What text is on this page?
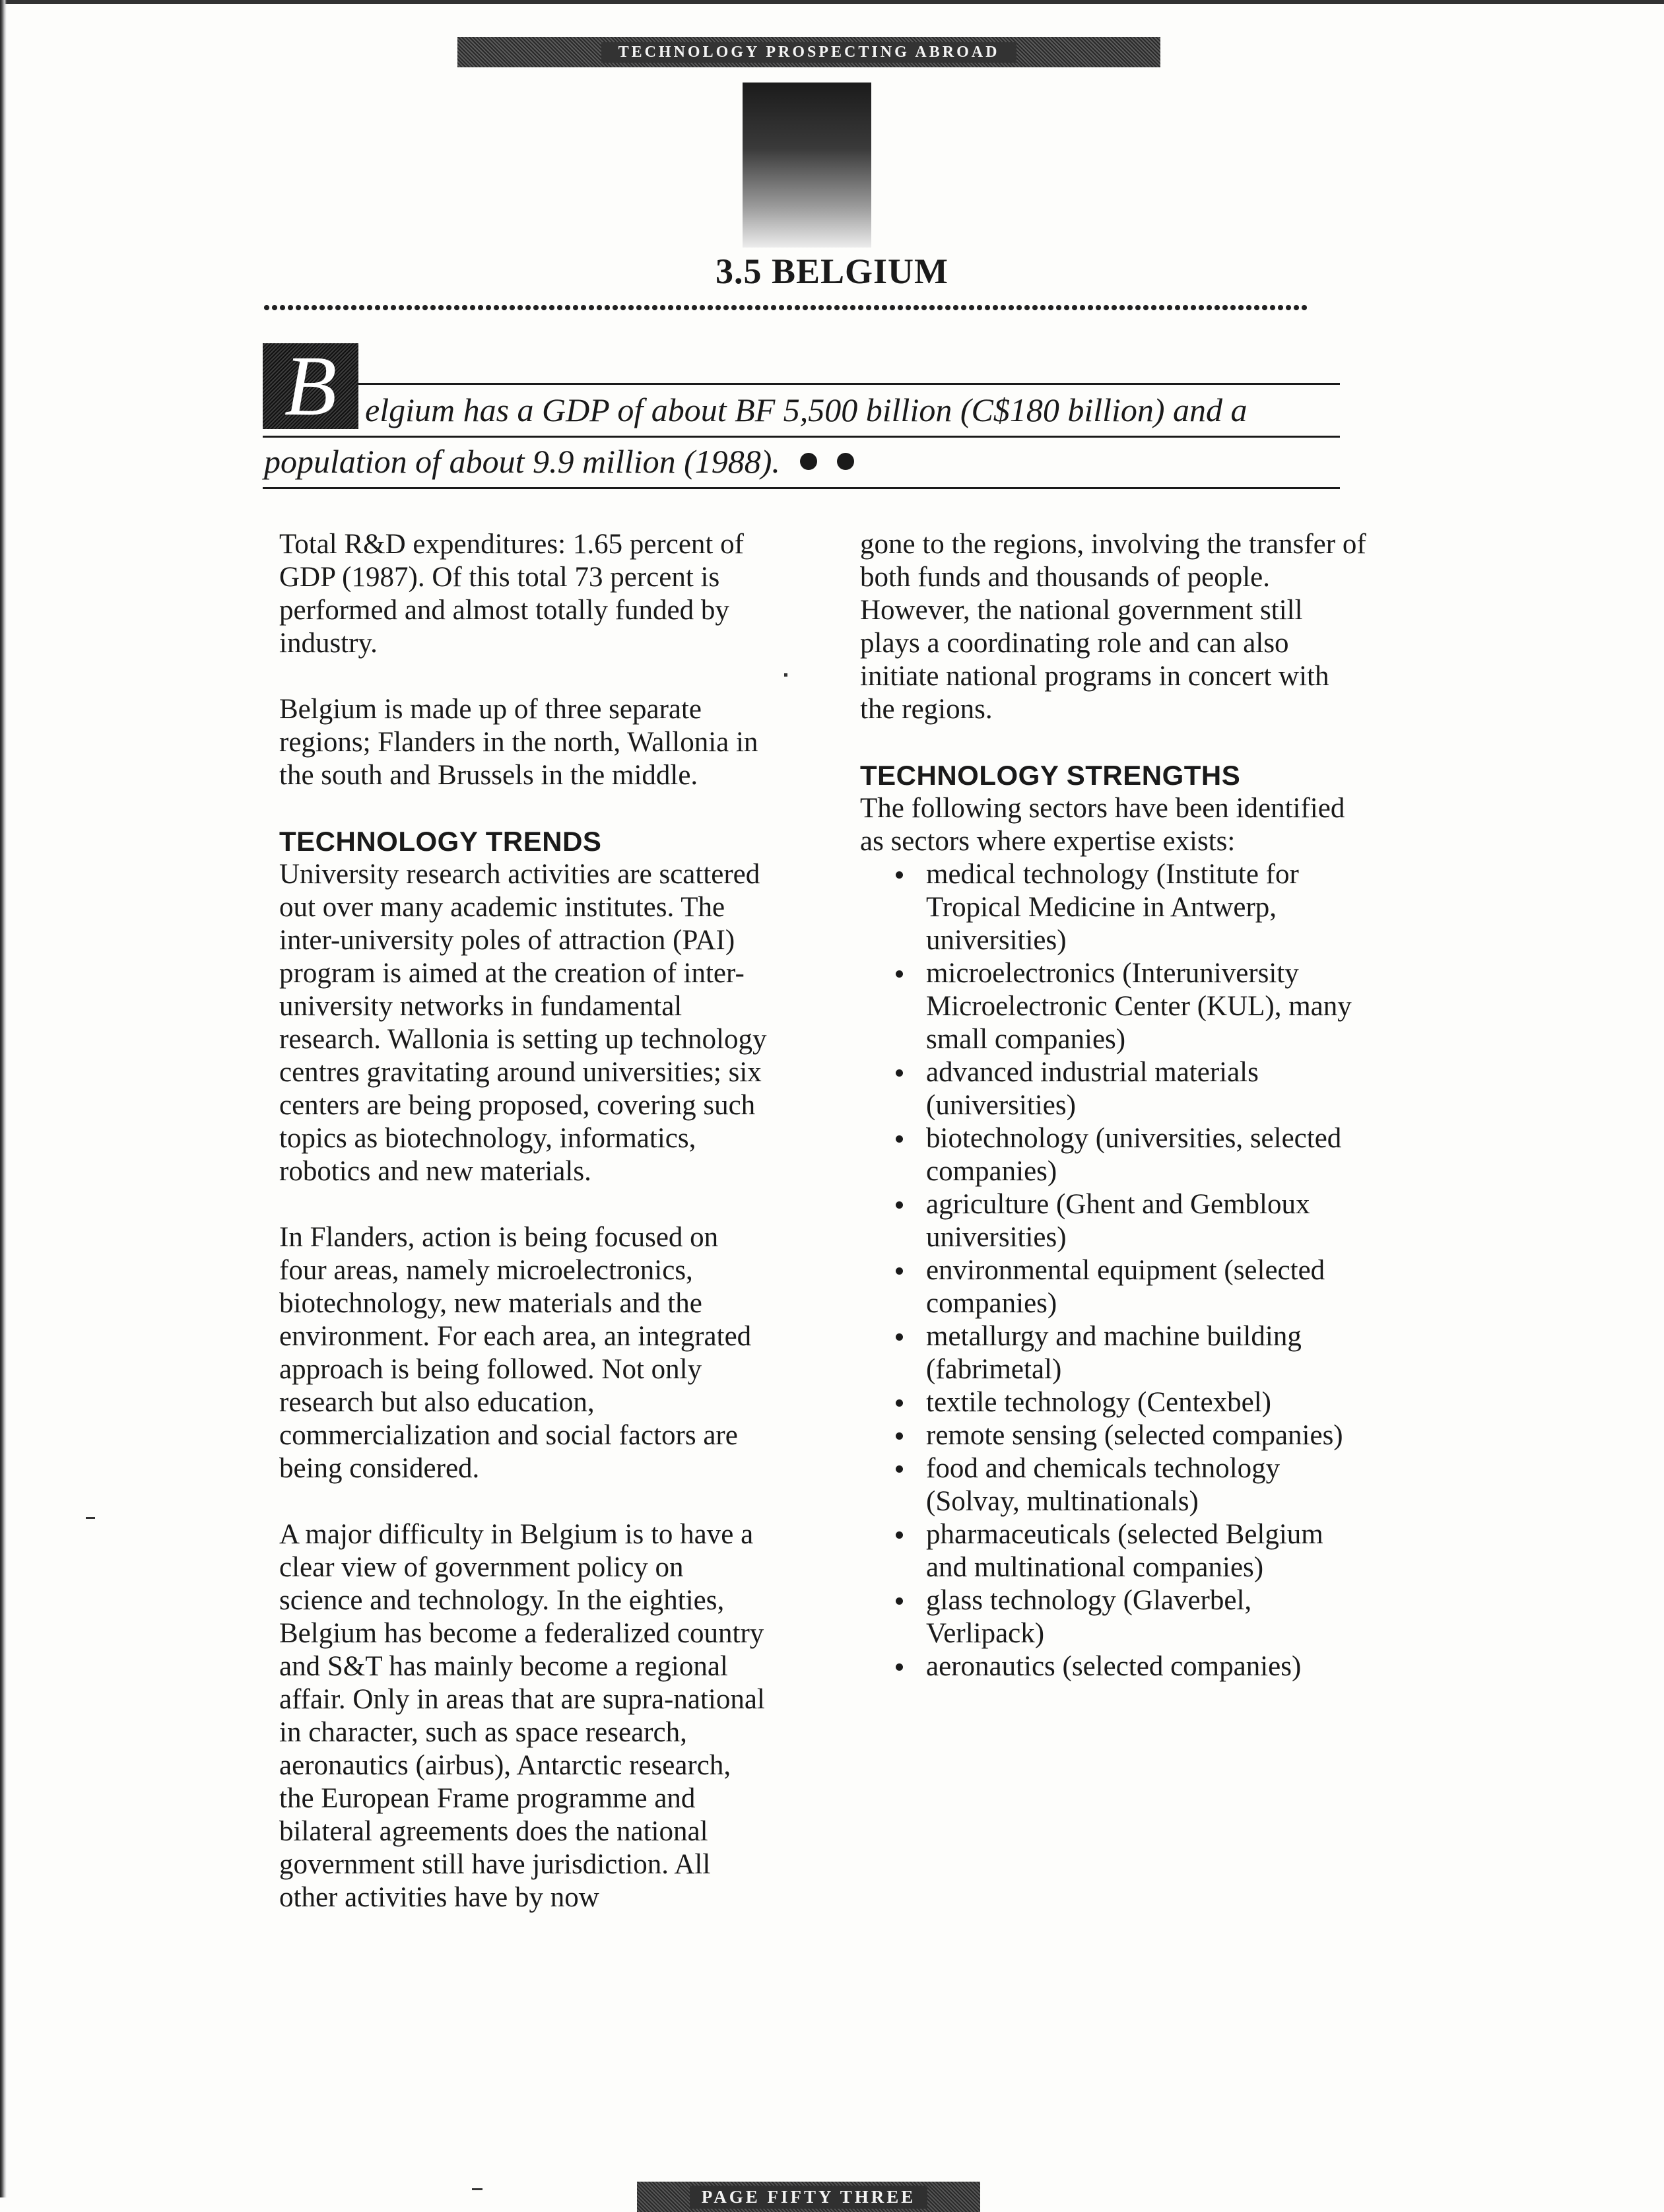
TECHNOLOGY PROSPECTING ABROAD
3.5 BELGIUM
B elgium has a GDP of about BF 5,500 billion (C$180 billion) and a
population of about 9.9 million (1988).

Total R&D expenditures: 1.65 percent of GDP (1987). Of this total 73 percent is performed and almost totally funded by industry.

Belgium is made up of three separate regions; Flanders in the north, Wallonia in the south and Brussels in the middle.

TECHNOLOGY TRENDS

University research activities are scattered out over many academic institutes. The inter-university poles of attraction (PAI) program is aimed at the creation of inter-university networks in fundamental research. Wallonia is setting up technology centres gravitating around universities; six centers are being proposed, covering such topics as biotechnology, informatics, robotics and new materials.

In Flanders, action is being focused on four areas, namely microelectronics, biotechnology, new materials and the environment. For each area, an integrated approach is being followed. Not only research but also education, commercialization and social factors are being considered.

A major difficulty in Belgium is to have a clear view of government policy on science and technology. In the eighties, Belgium has become a federalized country and S&T has mainly become a regional affair. Only in areas that are supra-national in character, such as space research, aeronautics (airbus), Antarctic research, the European Frame programme and bilateral agreements does the national government still have jurisdiction. All other activities have by now

gone to the regions, involving the transfer of both funds and thousands of people. However, the national government still plays a coordinating role and can also initiate national programs in concert with the regions.

TECHNOLOGY STRENGTHS
The following sectors have been identified as sectors where expertise exists:
medical technology (Institute for Tropical Medicine in Antwerp, universities)
microelectronics (Interuniversity Microelectronic Center (KUL), many small companies)
advanced industrial materials (universities)
biotechnology (universities, selected companies)
agriculture (Ghent and Gembloux universities)
environmental equipment (selected companies)
metallurgy and machine building (fabrimetal)
textile technology (Centexbel)
remote sensing (selected companies)
food and chemicals technology (Solvay, multinationals)
pharmaceuticals (selected Belgium and multinational companies)
glass technology (Glaverbel, Verlipack)
aeronautics (selected companies)
PAGE FIFTY THREE
